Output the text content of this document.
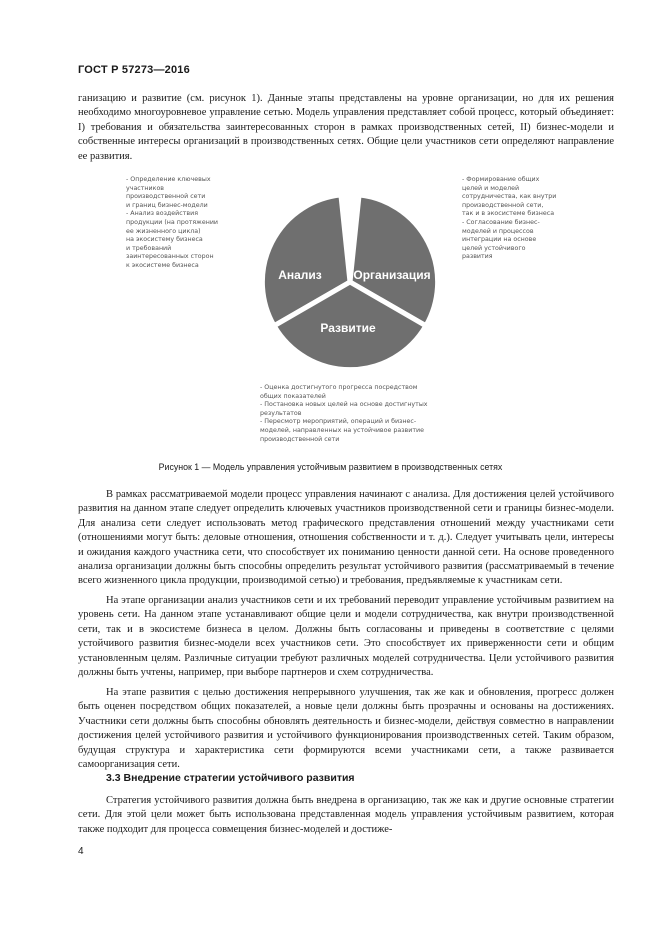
ГОСТ Р 57273—2016

ганизацию и развитие (см. рисунок 1). Данные этапы представлены на уровне организации, но для их решения необходимо многоуровневое управление сетью. Модель управления представляет собой процесс, который объединяет: I) требования и обязательства заинтересованных сторон в рамках производственных сетей, II) бизнес-модели и собственные интересы организаций в производственных сетях. Общие цели участников сети определяют направление ее развития.

- Определение ключевых
участников
производственной сети
и границ бизнес-модели
- Анализ воздействия
продукции (на протяжении
ее жизненного цикла)
на экосистему бизнеса
и требований
заинтересованных сторон
к экосистеме бизнеса
- Формирование общих
целей и моделей
сотрудничества, как внутри
производственной сети,
так и в экосистеме бизнеса
- Согласование бизнес-
моделей и процессов
интеграции на основе
целей устойчивого
развития
Анализ	Организация
Развитие
- Оценка достигнутого прогресса посредством
общих показателей
- Постановка новых целей на основе достигнутых
результатов
- Пересмотр мероприятий, операций и бизнес-
моделей, направленных на устойчивое развитие
производственной сети
Рисунок 1 — Модель управления устойчивым развитием в производственных сетях

В рамках рассматриваемой модели процесс управления начинают с анализа. Для достижения целей устойчивого развития на данном этапе следует определить ключевых участников производственной сети и границы бизнес-модели. Для анализа сети следует использовать метод графического представления отношений между участниками сети (отношениями могут быть: деловые отношения, отношения собственности и т. д.). Следует учитывать цели, интересы и ожидания каждого участника сети, что способствует их пониманию ценности данной сети. На основе проведенного анализа организации должны быть способны определить результат устойчивого развития (рассматриваемый в течение всего жизненного цикла продукции, производимой сетью) и требования, предъявляемые к участникам сети.

На этапе организации анализ участников сети и их требований переводит управление устойчивым развитием на уровень сети. На данном этапе устанавливают общие цели и модели сотрудничества, как внутри производственной сети, так и в экосистеме бизнеса в целом. Должны быть согласованы и приведены в соответствие с целями устойчивого развития бизнес-модели всех участников сети. Это способствует их приверженности сети и общим установленным целям. Различные ситуации требуют различных моделей сотрудничества. Цели устойчивого развития должны быть учтены, например, при выборе партнеров и схем сотрудничества.

На этапе развития с целью достижения непрерывного улучшения, так же как и обновления, прогресс должен быть оценен посредством общих показателей, а новые цели должны быть прозрачны и основаны на достижениях. Участники сети должны быть способны обновлять деятельность и бизнес-модели, действуя совместно в направлении достижения целей устойчивого развития и устойчивого функционирования производственных сетей. Таким образом, будущая структура и характеристика сети формируются всеми участниками сети, а также развивается самоорганизация сети.

3.3 Внедрение стратегии устойчивого развития

Стратегия устойчивого развития должна быть внедрена в организацию, так же как и другие основные стратегии сети. Для этой цели может быть использована представленная модель управления устойчивым развитием, которая также подходит для процесса совмещения бизнес-моделей и достиже-

4
